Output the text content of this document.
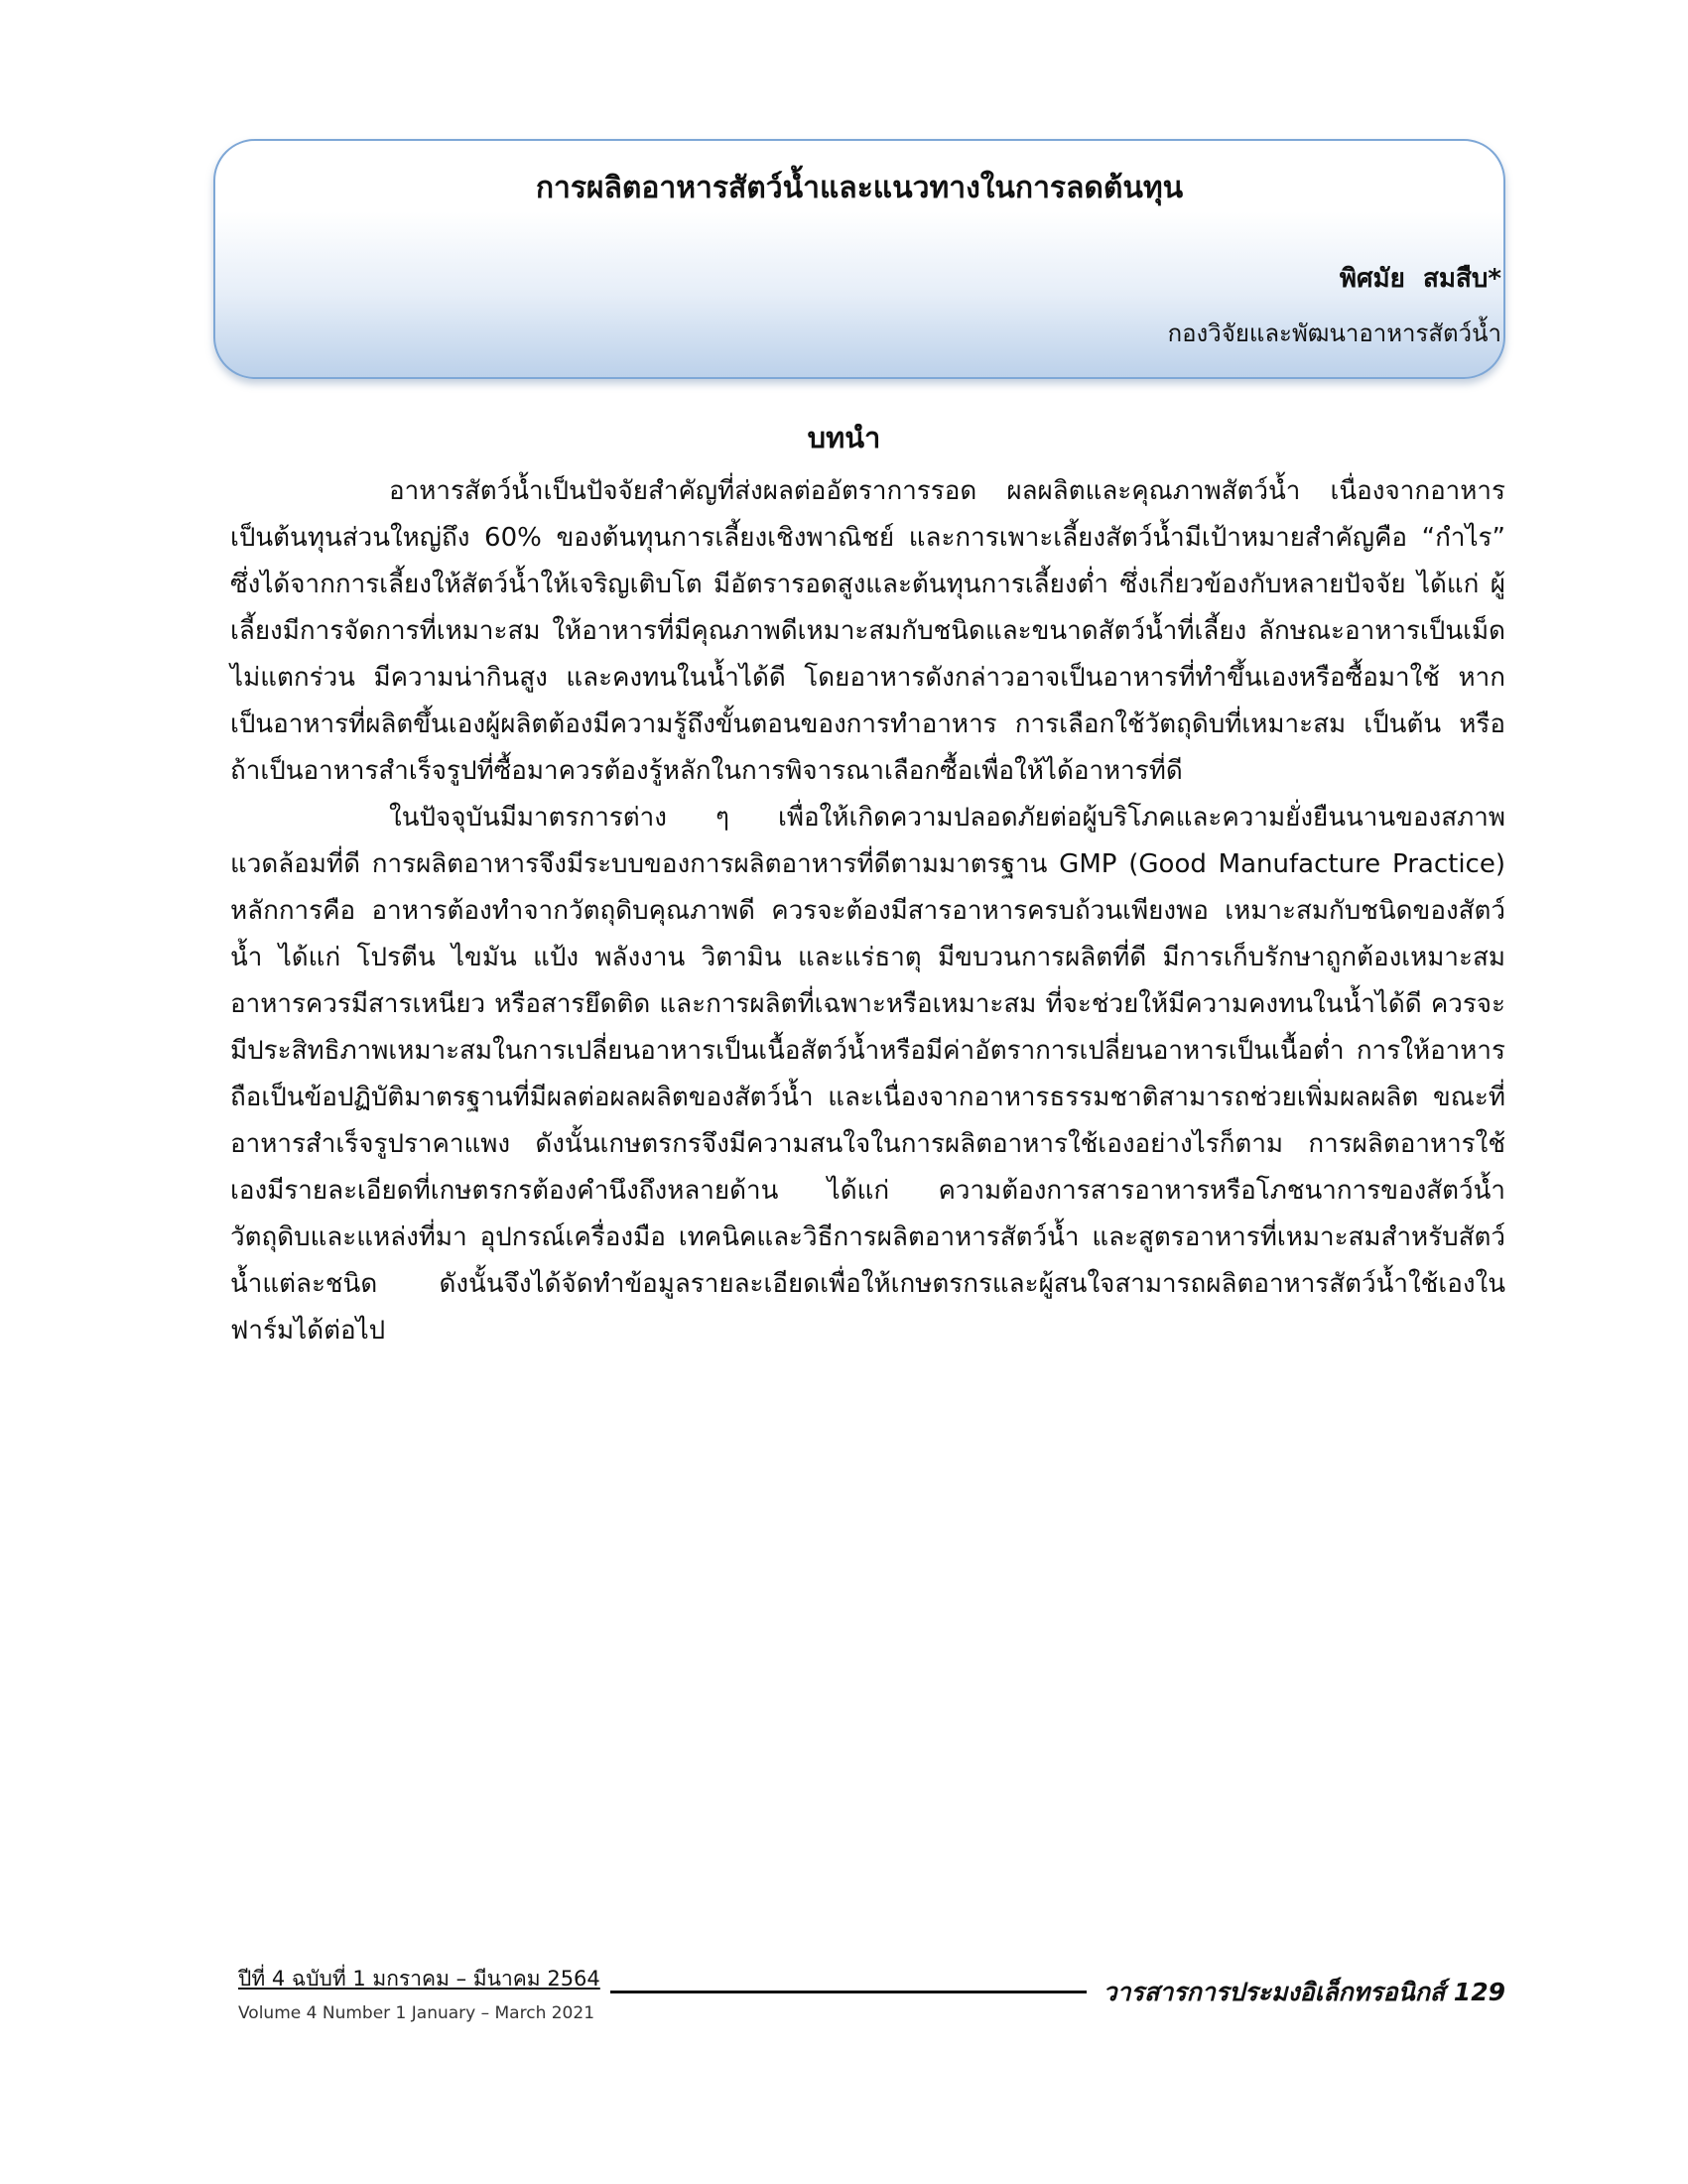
การผลิตอาหารสัตว์น้ำและแนวทางในการลดต้นทุน
พิศมัย  สมสืบ*
กองวิจัยและพัฒนาอาหารสัตว์น้ำ
บทนำ

อาหารสัตว์น้ำเป็นปัจจัยสำคัญที่ส่งผลต่ออัตราการรอด ผลผลิตและคุณภาพสัตว์น้ำ เนื่องจากอาหารเป็นต้นทุนส่วนใหญ่ถึง 60% ของต้นทุนการเลี้ยงเชิงพาณิชย์ และการเพาะเลี้ยงสัตว์น้ำมีเป้าหมายสำคัญคือ “กำไร” ซึ่งได้จากการเลี้ยงให้สัตว์น้ำให้เจริญเติบโต มีอัตรารอดสูงและต้นทุนการเลี้ยงต่ำ ซึ่งเกี่ยวข้องกับหลายปัจจัย ได้แก่ ผู้เลี้ยงมีการจัดการที่เหมาะสม ให้อาหารที่มีคุณภาพดีเหมาะสมกับชนิดและขนาดสัตว์น้ำที่เลี้ยง ลักษณะอาหารเป็นเม็ดไม่แตกร่วน มีความน่ากินสูง และคงทนในน้ำได้ดี โดยอาหารดังกล่าวอาจเป็นอาหารที่ทำขึ้นเองหรือซื้อมาใช้ หากเป็นอาหารที่ผลิตขึ้นเองผู้ผลิตต้องมีความรู้ถึงขั้นตอนของการทำอาหาร การเลือกใช้วัตถุดิบที่เหมาะสม เป็นต้น หรือถ้าเป็นอาหารสำเร็จรูปที่ซื้อมาควรต้องรู้หลักในการพิจารณาเลือกซื้อเพื่อให้ได้อาหารที่ดี

ในปัจจุบันมีมาตรการต่าง ๆ เพื่อให้เกิดความปลอดภัยต่อผู้บริโภคและความยั่งยืนนานของสภาพแวดล้อมที่ดี การผลิตอาหารจึงมีระบบของการผลิตอาหารที่ดีตามมาตรฐาน GMP (Good Manufacture Practice) หลักการคือ อาหารต้องทำจากวัตถุดิบคุณภาพดี ควรจะต้องมีสารอาหารครบถ้วนเพียงพอ เหมาะสมกับชนิดของสัตว์น้ำ ได้แก่ โปรตีน ไขมัน แป้ง พลังงาน วิตามิน และแร่ธาตุ มีขบวนการผลิตที่ดี มีการเก็บรักษาถูกต้องเหมาะสม อาหารควรมีสารเหนียว หรือสารยึดติด และการผลิตที่เฉพาะหรือเหมาะสม ที่จะช่วยให้มีความคงทนในน้ำได้ดี ควรจะมีประสิทธิภาพเหมาะสมในการเปลี่ยนอาหารเป็นเนื้อสัตว์น้ำหรือมีค่าอัตราการเปลี่ยนอาหารเป็นเนื้อต่ำ การให้อาหารถือเป็นข้อปฏิบัติมาตรฐานที่มีผลต่อผลผลิตของสัตว์น้ำ และเนื่องจากอาหารธรรมชาติสามารถช่วยเพิ่มผลผลิต ขณะที่อาหารสำเร็จรูปราคาแพง ดังนั้นเกษตรกรจึงมีความสนใจในการผลิตอาหารใช้เองอย่างไรก็ตาม การผลิตอาหารใช้เองมีรายละเอียดที่เกษตรกรต้องคำนึงถึงหลายด้าน ได้แก่ ความต้องการสารอาหารหรือโภชนาการของสัตว์น้ำ วัตถุดิบและแหล่งที่มา อุปกรณ์เครื่องมือ เทคนิคและวิธีการผลิตอาหารสัตว์น้ำ และสูตรอาหารที่เหมาะสมสำหรับสัตว์น้ำแต่ละชนิด ดังนั้นจึงได้จัดทำข้อมูลรายละเอียดเพื่อให้เกษตรกรและผู้สนใจสามารถผลิตอาหารสัตว์น้ำใช้เองในฟาร์มได้ต่อไป

ปีที่ 4 ฉบับที่ 1 มกราคม – มีนาคม 2564	วารสารการประมงอิเล็กทรอนิกส์ 129
Volume 4 Number 1 January – March 2021
